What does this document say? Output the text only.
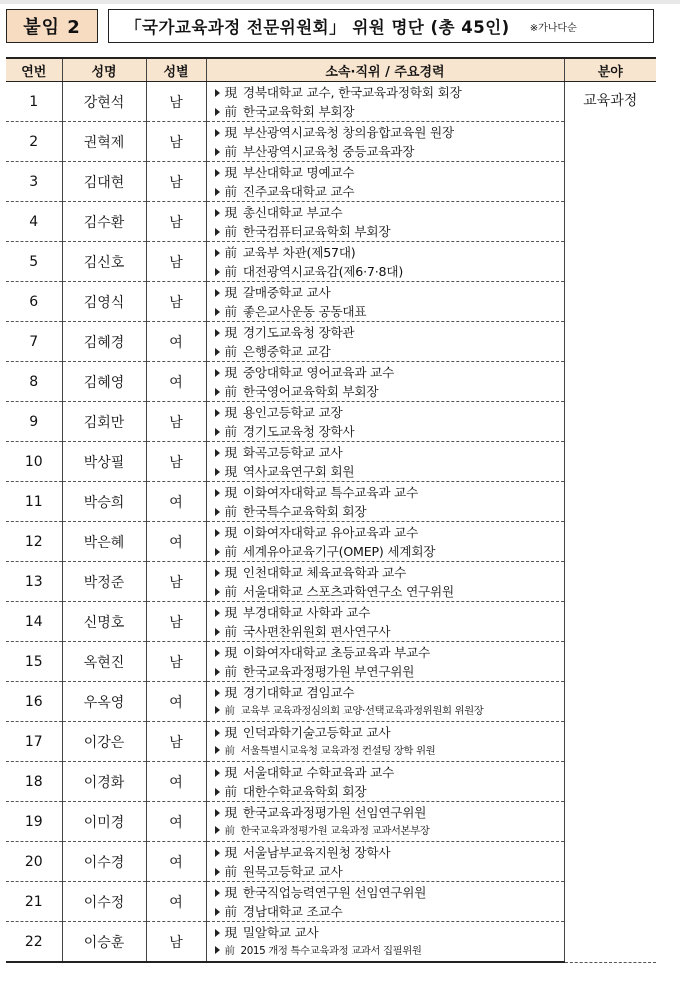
붙임 2	「국가교육과정 전문위원회」 위원 명단 (총 45인) ※가나다순
연번	성명	성별	소속·직위 / 주요경력	분야
1	강현석	남	現 경북대학교 교수, 한국교육과정학회 회장
前 한국교육학회 부회장	교육과정
2	권혁제	남	現 부산광역시교육청 창의융합교육원 원장
前 부산광역시교육청 중등교육과장	

3	김대현	남	現 부산대학교 명예교수
前 진주교육대학교 교수	

4	김수환	남	現 총신대학교 부교수
前 한국컴퓨터교육학회 부회장	

5	김신호	남	前 교육부 차관(제57대)
前 대전광역시교육감(제6·7·8대)	

6	김영식	남	現 갈매중학교 교사
前 좋은교사운동 공동대표	

7	김혜경	여	現 경기도교육청 장학관
前 은행중학교 교감	

8	김혜영	여	現 중앙대학교 영어교육과 교수
前 한국영어교육학회 부회장	

9	김회만	남	現 용인고등학교 교장
前 경기도교육청 장학사	

10	박상필	남	現 화곡고등학교 교사
現 역사교육연구회 회원	

11	박승희	여	現 이화여자대학교 특수교육과 교수
前 한국특수교육학회 회장	

12	박은혜	여	現 이화여자대학교 유아교육과 교수
前 세계유아교육기구(OMEP) 세계회장	

13	박정준	남	現 인천대학교 체육교육학과 교수
前 서울대학교 스포츠과학연구소 연구위원	

14	신명호	남	現 부경대학교 사학과 교수
前 국사편찬위원회 편사연구사	

15	옥현진	남	現 이화여자대학교 초등교육과 부교수
前 한국교육과정평가원 부연구위원	

16	우옥영	여	現 경기대학교 겸임교수
前 교육부 교육과정심의회 교양·선택교육과정위원회 위원장	

17	이강은	남	現 인덕과학기술고등학교 교사
前 서울특별시교육청 교육과정 컨설팅 장학 위원	

18	이경화	여	現 서울대학교 수학교육과 교수
前 대한수학교육학회 회장	

19	이미경	여	現 한국교육과정평가원 선임연구위원
前 한국교육과정평가원 교육과정 교과서본부장	

20	이수경	여	現 서울남부교육지원청 장학사
前 원묵고등학교 교사	

21	이수정	여	現 한국직업능력연구원 선임연구위원
前 경남대학교 조교수	

22	이승훈	남	現 밀알학교 교사
前 2015 개정 특수교육과정 교과서 집필위원	
